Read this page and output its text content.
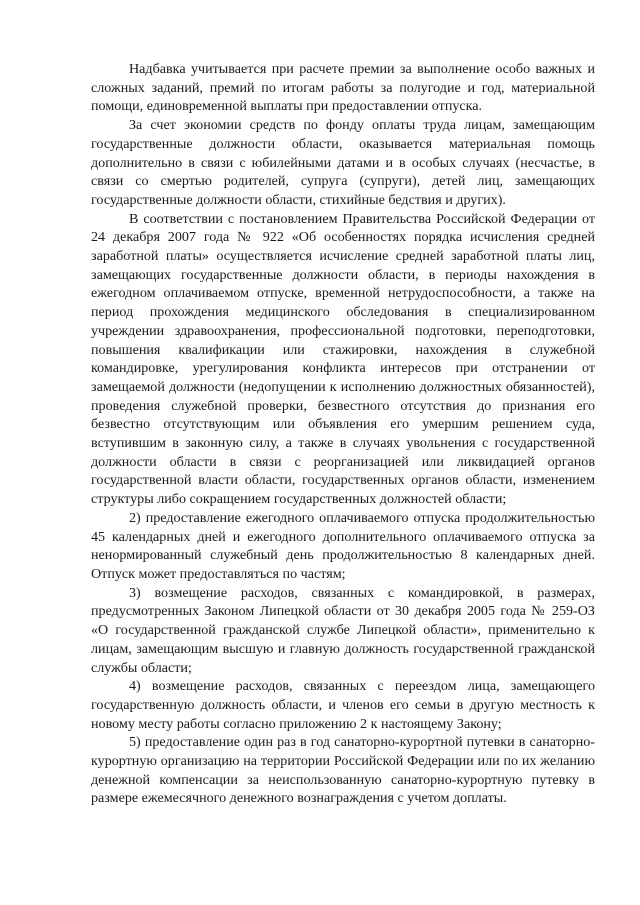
Надбавка учитывается при расчете премии за выполнение особо важных и сложных заданий, премий по итогам работы за полугодие и год, материальной помощи, единовременной выплаты при предоставлении отпуска.

За счет экономии средств по фонду оплаты труда лицам, замещающим государственные должности области, оказывается материальная помощь дополнительно в связи с юбилейными датами и в особых случаях (несчастье, в связи со смертью родителей, супруга (супруги), детей лиц, замещающих государственные должности области, стихийные бедствия и других).

В соответствии с постановлением Правительства Российской Федерации от 24 декабря 2007 года № 922 «Об особенностях порядка исчисления средней заработной платы» осуществляется исчисление средней заработной платы лиц, замещающих государственные должности области, в периоды нахождения в ежегодном оплачиваемом отпуске, временной нетрудоспособности, а также на период прохождения медицинского обследования в специализированном учреждении здравоохранения, профессиональной подготовки, переподготовки, повышения квалификации или стажировки, нахождения в служебной командировке, урегулирования конфликта интересов при отстранении от замещаемой должности (недопущении к исполнению должностных обязанностей), проведения служебной проверки, безвестного отсутствия до признания его безвестно отсутствующим или объявления его умершим решением суда, вступившим в законную силу, а также в случаях увольнения с государственной должности области в связи с реорганизацией или ликвидацией органов государственной власти области, государственных органов области, изменением структуры либо сокращением государственных должностей области;

2) предоставление ежегодного оплачиваемого отпуска продолжительностью 45 календарных дней и ежегодного дополнительного оплачиваемого отпуска за ненормированный служебный день продолжительностью 8 календарных дней. Отпуск может предоставляться по частям;

3) возмещение расходов, связанных с командировкой, в размерах, предусмотренных Законом Липецкой области от 30 декабря 2005 года № 259-ОЗ «О государственной гражданской службе Липецкой области», применительно к лицам, замещающим высшую и главную должность государственной гражданской службы области;

4) возмещение расходов, связанных с переездом лица, замещающего государственную должность области, и членов его семьи в другую местность к новому месту работы согласно приложению 2 к настоящему Закону;

5) предоставление один раз в год санаторно-курортной путевки в санаторно-курортную организацию на территории Российской Федерации или по их желанию денежной компенсации за неиспользованную санаторно-курортную путевку в размере ежемесячного денежного вознаграждения с учетом доплаты.
